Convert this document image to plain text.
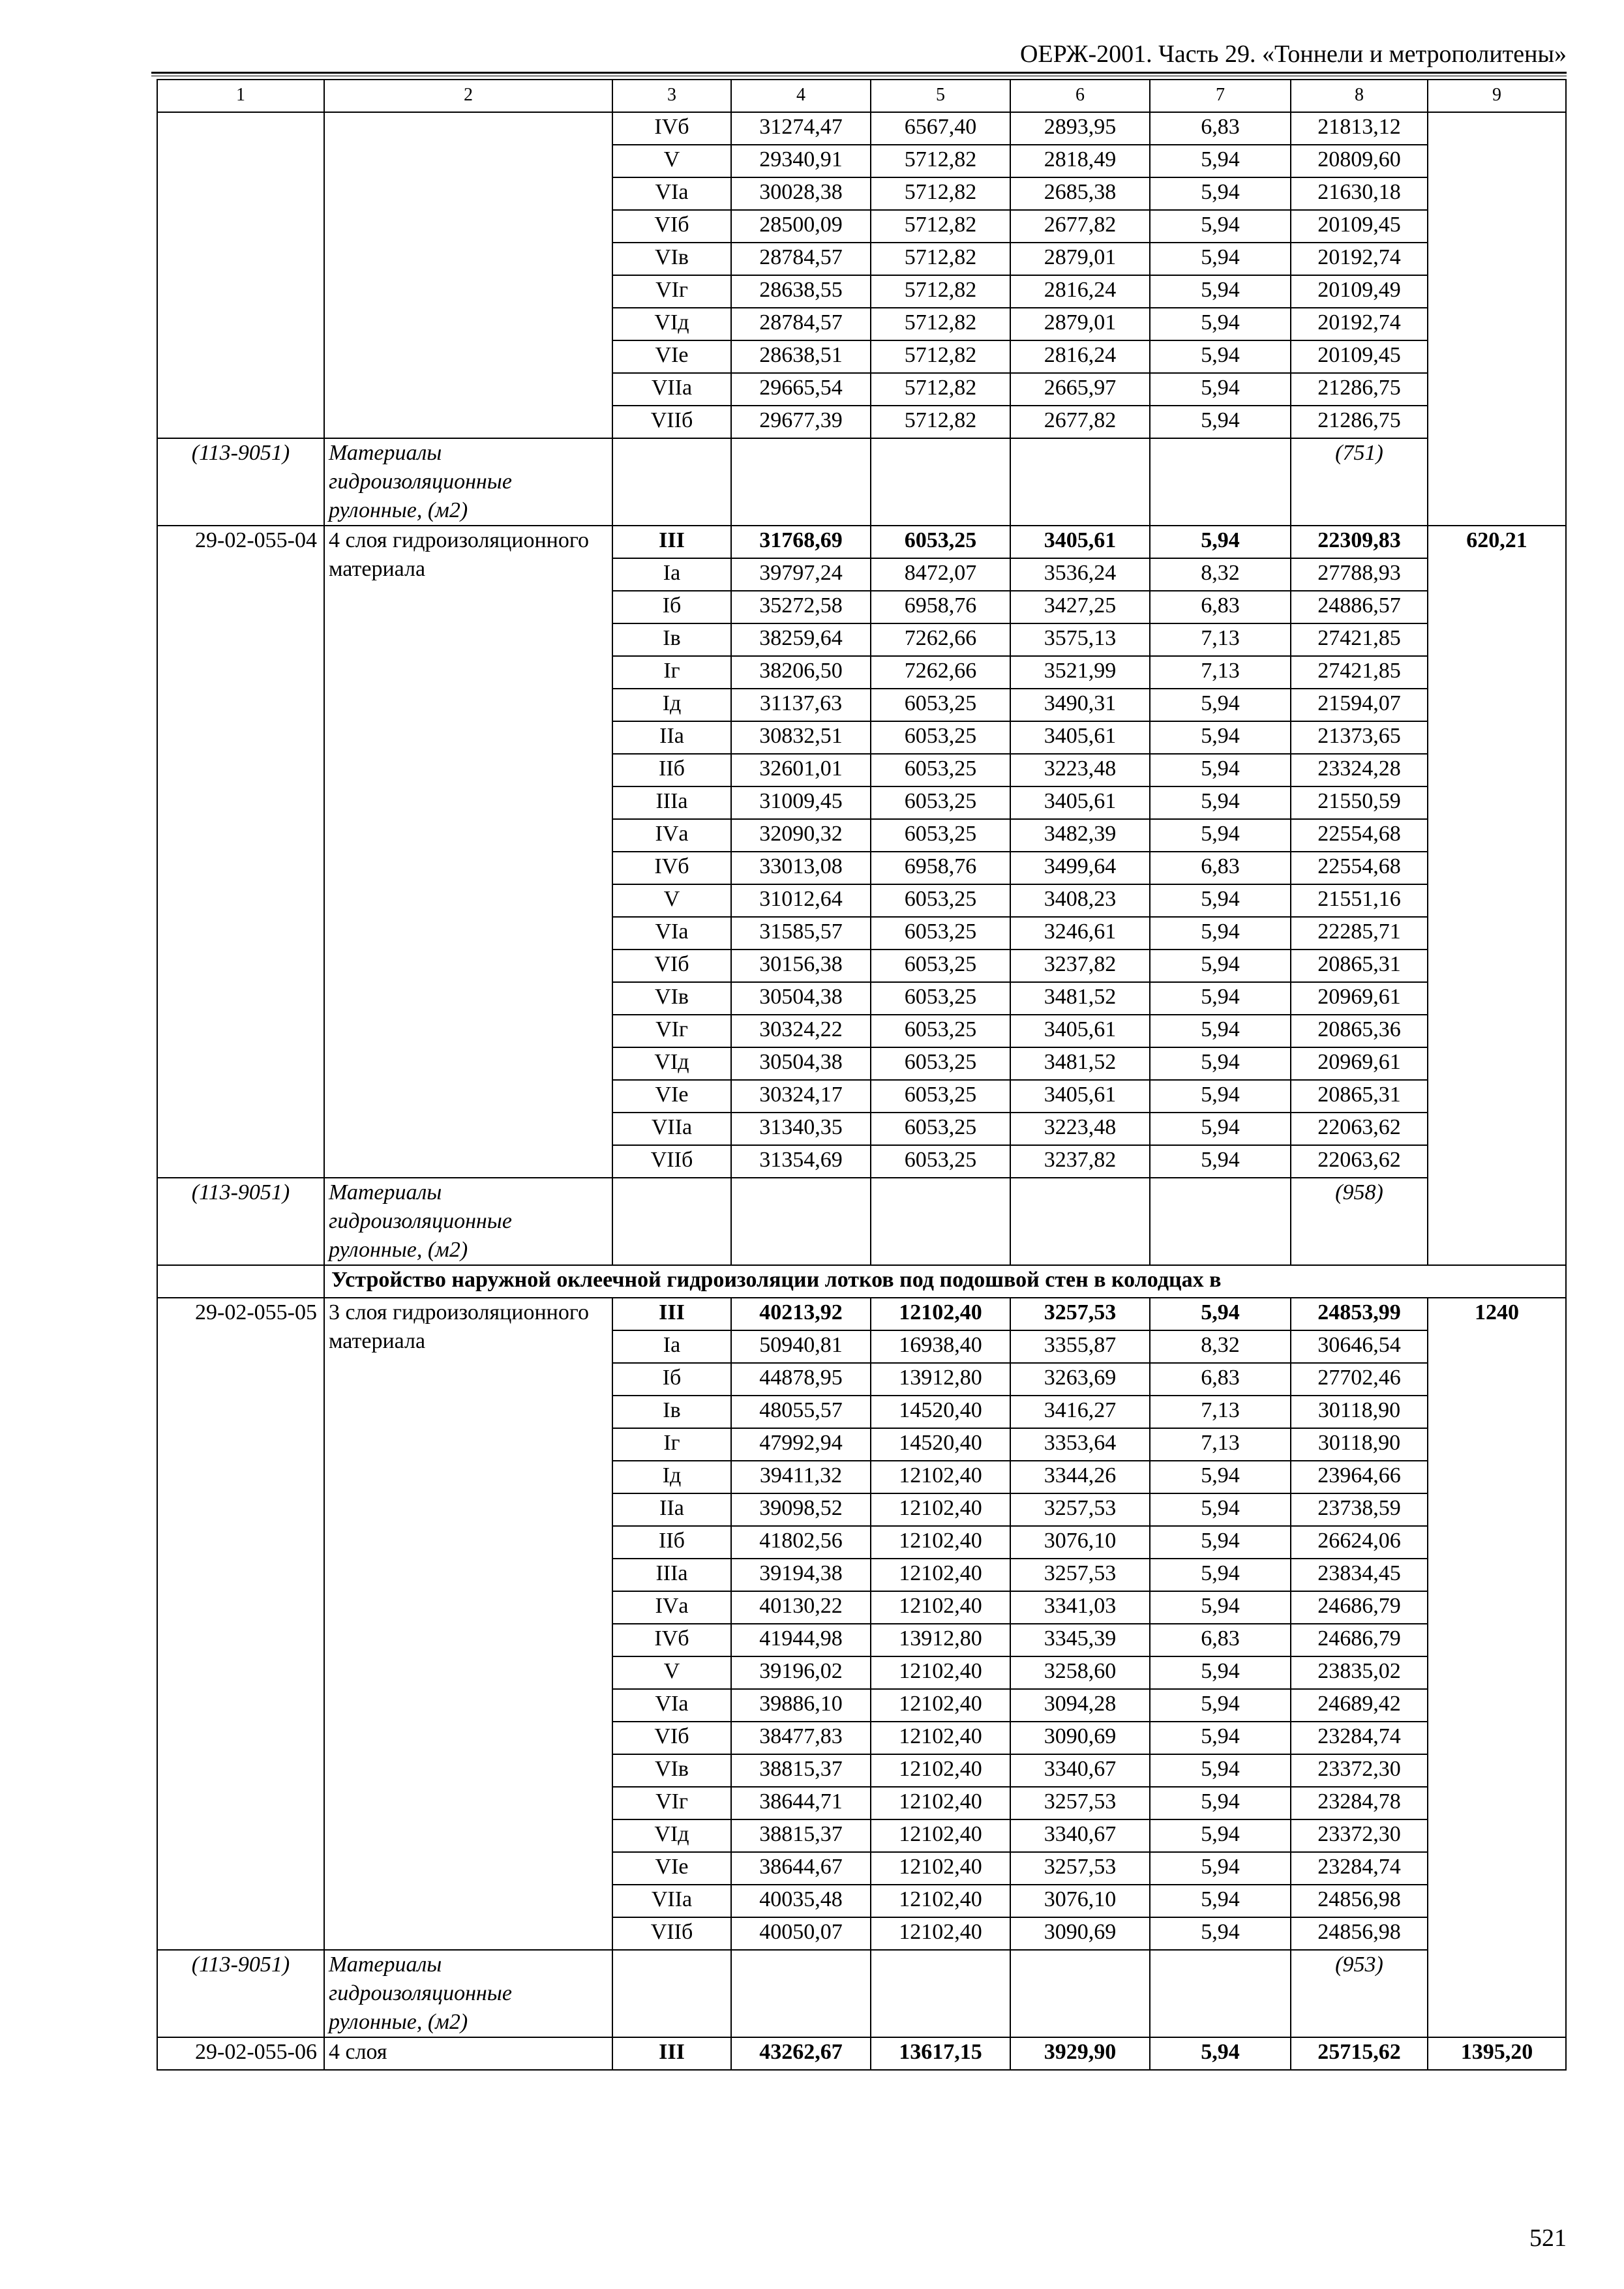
ОЕРЖ-2001. Часть 29. «Тоннели и метрополитены»
1	2	3	4	5	6	7	8	9
		IVб	31274,47	6567,40	2893,95	6,83	21813,12	
		V	29340,91	5712,82	2818,49	5,94	20809,60	
		VIа	30028,38	5712,82	2685,38	5,94	21630,18	
		VIб	28500,09	5712,82	2677,82	5,94	20109,45	
		VIв	28784,57	5712,82	2879,01	5,94	20192,74	
		VIг	28638,55	5712,82	2816,24	5,94	20109,49	
		VIд	28784,57	5712,82	2879,01	5,94	20192,74	
		VIе	28638,51	5712,82	2816,24	5,94	20109,45	
		VIIа	29665,54	5712,82	2665,97	5,94	21286,75	
		VIIб	29677,39	5712,82	2677,82	5,94	21286,75	
(113-9051)	Материалы гидроизоляционные рулонные, (м2)						(751)	
29-02-055-04	4 слоя гидроизоляционного материала	III	31768,69	6053,25	3405,61	5,94	22309,83	620,21
		Iа	39797,24	8472,07	3536,24	8,32	27788,93	
		Iб	35272,58	6958,76	3427,25	6,83	24886,57	
		Iв	38259,64	7262,66	3575,13	7,13	27421,85	
		Iг	38206,50	7262,66	3521,99	7,13	27421,85	
		Iд	31137,63	6053,25	3490,31	5,94	21594,07	
		IIа	30832,51	6053,25	3405,61	5,94	21373,65	
		IIб	32601,01	6053,25	3223,48	5,94	23324,28	
		IIIа	31009,45	6053,25	3405,61	5,94	21550,59	
		IVа	32090,32	6053,25	3482,39	5,94	22554,68	
		IVб	33013,08	6958,76	3499,64	6,83	22554,68	
		V	31012,64	6053,25	3408,23	5,94	21551,16	
		VIа	31585,57	6053,25	3246,61	5,94	22285,71	
		VIб	30156,38	6053,25	3237,82	5,94	20865,31	
		VIв	30504,38	6053,25	3481,52	5,94	20969,61	
		VIг	30324,22	6053,25	3405,61	5,94	20865,36	
		VIд	30504,38	6053,25	3481,52	5,94	20969,61	
		VIе	30324,17	6053,25	3405,61	5,94	20865,31	
		VIIа	31340,35	6053,25	3223,48	5,94	22063,62	
		VIIб	31354,69	6053,25	3237,82	5,94	22063,62	
(113-9051)	Материалы гидроизоляционные рулонные, (м2)						(958)	
	Устройство наружной оклеечной гидроизоляции лотков под подошвой стен в колодцах в							
29-02-055-05	3 слоя гидроизоляционного материала	III	40213,92	12102,40	3257,53	5,94	24853,99	1240
		Iа	50940,81	16938,40	3355,87	8,32	30646,54	
		Iб	44878,95	13912,80	3263,69	6,83	27702,46	
		Iв	48055,57	14520,40	3416,27	7,13	30118,90	
		Iг	47992,94	14520,40	3353,64	7,13	30118,90	
		Iд	39411,32	12102,40	3344,26	5,94	23964,66	
		IIа	39098,52	12102,40	3257,53	5,94	23738,59	
		IIб	41802,56	12102,40	3076,10	5,94	26624,06	
		IIIа	39194,38	12102,40	3257,53	5,94	23834,45	
		IVа	40130,22	12102,40	3341,03	5,94	24686,79	
		IVб	41944,98	13912,80	3345,39	6,83	24686,79	
		V	39196,02	12102,40	3258,60	5,94	23835,02	
		VIа	39886,10	12102,40	3094,28	5,94	24689,42	
		VIб	38477,83	12102,40	3090,69	5,94	23284,74	
		VIв	38815,37	12102,40	3340,67	5,94	23372,30	
		VIг	38644,71	12102,40	3257,53	5,94	23284,78	
		VIд	38815,37	12102,40	3340,67	5,94	23372,30	
		VIе	38644,67	12102,40	3257,53	5,94	23284,74	
		VIIа	40035,48	12102,40	3076,10	5,94	24856,98	
		VIIб	40050,07	12102,40	3090,69	5,94	24856,98	
(113-9051)	Материалы гидроизоляционные рулонные, (м2)						(953)	
29-02-055-06	4 слоя	III	43262,67	13617,15	3929,90	5,94	25715,62	1395,20
521
